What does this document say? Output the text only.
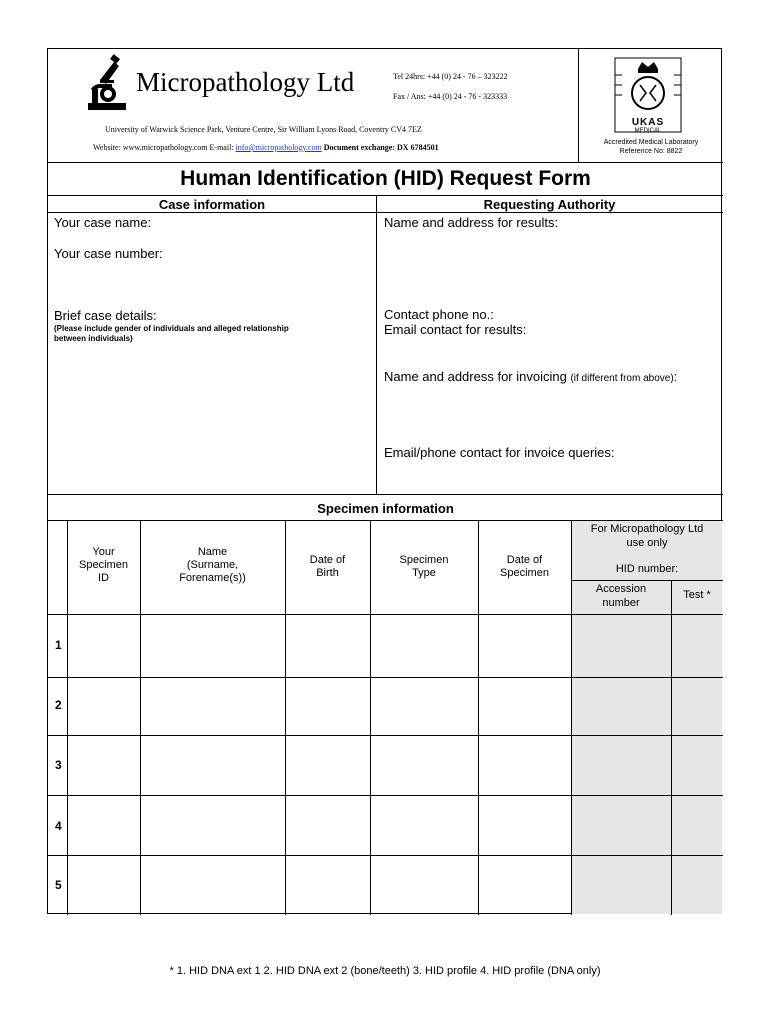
Micropathology Ltd	Tel 24hrs: +44 (0) 24 - 76 – 323222
Fax / Ans: +44 (0) 24 - 76 - 323333
University of Warwick Science Park, Venture Centre, Sir William Lyons Road, Coventry CV4 7EZ
Website: www.micropathology.com E-mail: info@micropathology.com Document exchange: DX 6784501
UKAS
MEDICAL
Accredited Medical Laboratory
Reference No: 8822
Human Identification (HID) Request Form
Case information	Requesting Authority
Your case name:
Your case number:
Brief case details:
(Please include gender of individuals and alleged relationship
between individuals)
Name and address for results:
Contact phone no.:
Email contact for results:
Name and address for invoicing (if different from above):
Email/phone contact for invoice queries:
Specimen information
Your
Specimen
ID
Name
(Surname,
Forename(s))
Date of
Birth
Specimen
Type
Date of
Specimen
For Micropathology Ltd
use only
HID number:
Accession
number
Test *
1
2
3
4
5
* 1. HID DNA ext 1 2. HID DNA ext 2 (bone/teeth) 3. HID profile 4. HID profile (DNA only)
